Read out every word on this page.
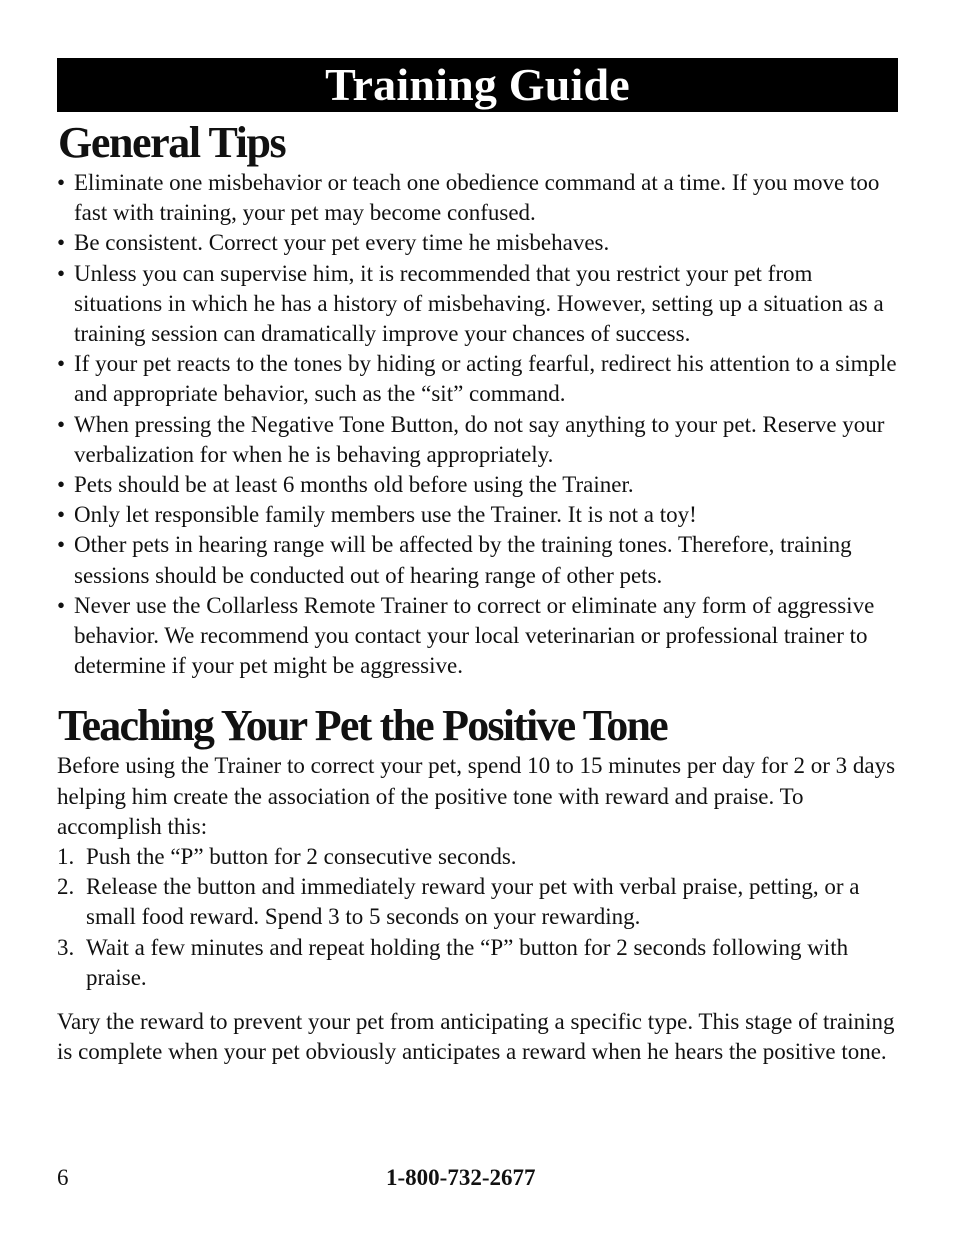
Training Guide
General Tips
• Eliminate one misbehavior or teach one obedience command at a time. If you move too fast with training, your pet may become confused.
• Be consistent. Correct your pet every time he misbehaves.
• Unless you can supervise him, it is recommended that you restrict your pet from situations in which he has a history of misbehaving. However, setting up a situation as a training session can dramatically improve your chances of success.
• If your pet reacts to the tones by hiding or acting fearful, redirect his attention to a simple and appropriate behavior, such as the “sit” command.
• When pressing the Negative Tone Button, do not say anything to your pet. Reserve your verbalization for when he is behaving appropriately.
• Pets should be at least 6 months old before using the Trainer.
• Only let responsible family members use the Trainer. It is not a toy!
• Other pets in hearing range will be affected by the training tones. Therefore, training sessions should be conducted out of hearing range of other pets.
• Never use the Collarless Remote Trainer to correct or eliminate any form of aggressive behavior. We recommend you contact your local veterinarian or professional trainer to determine if your pet might be aggressive.
Teaching Your Pet the Positive Tone

Before using the Trainer to correct your pet, spend 10 to 15 minutes per day for 2 or 3 days helping him create the association of the positive tone with reward and praise. To accomplish this:

1. Push the “P” button for 2 consecutive seconds.
2. Release the button and immediately reward your pet with verbal praise, petting, or a small food reward. Spend 3 to 5 seconds on your rewarding.
3. Wait a few minutes and repeat holding the “P” button for 2 seconds following with praise.

Vary the reward to prevent your pet from anticipating a specific type. This stage of training is complete when your pet obviously anticipates a reward when he hears the positive tone.

6	1-800-732-2677
